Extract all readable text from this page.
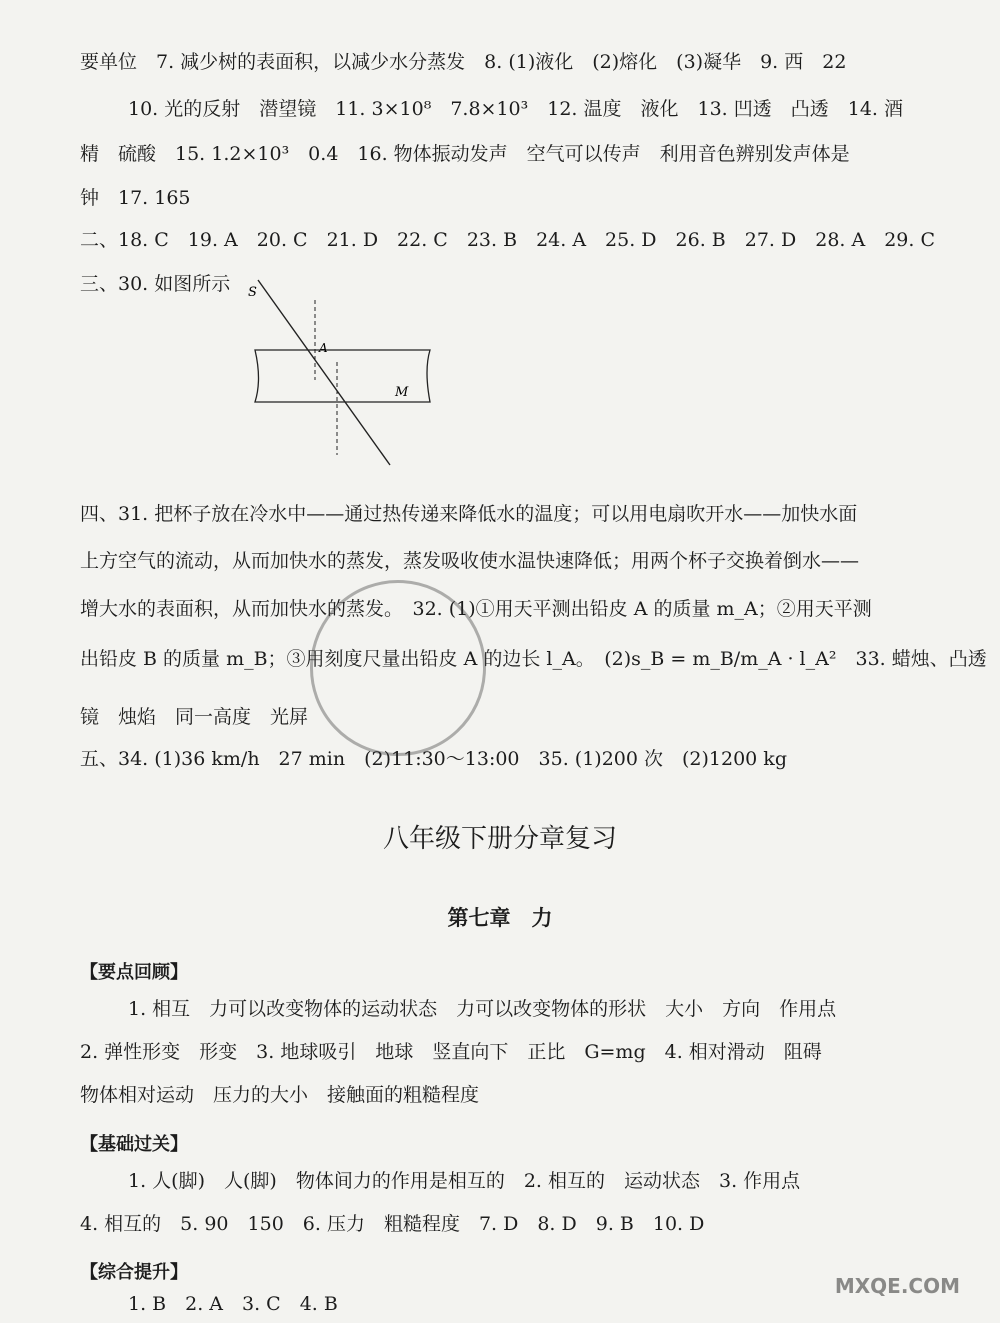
要单位　7. 减少树的表面积，以减少水分蒸发　8. (1)液化　(2)熔化　(3)凝华　9. 西　22
10. 光的反射　潜望镜　11. 3×10⁸　7.8×10³　12. 温度　液化　13. 凹透　凸透　14. 酒
精　硫酸　15. 1.2×10³　0.4　16. 物体振动发声　空气可以传声　利用音色辨别发声体是
钟　17. 165
二、18. C　19. A　20. C　21. D　22. C　23. B　24. A　25. D　26. B　27. D　28. A　29. C
三、30. 如图所示	S
A
M
四、31. 把杯子放在冷水中——通过热传递来降低水的温度；可以用电扇吹开水——加快水面
上方空气的流动，从而加快水的蒸发，蒸发吸收使水温快速降低；用两个杯子交换着倒水——
增大水的表面积，从而加快水的蒸发。　32. (1)①用天平测出铅皮 A 的质量 m_A；②用天平测
出铅皮 B 的质量 m_B；③用刻度尺量出铅皮 A 的边长 l_A。　(2)s_B = m_B/m_A · l_A²　33. 蜡烛、凸透
镜　烛焰　同一高度　光屏
五、34. (1)36 km/h　27 min　(2)11:30～13:00　35. (1)200 次　(2)1200 kg
八年级下册分章复习
第七章　力
【要点回顾】
1. 相互　力可以改变物体的运动状态　力可以改变物体的形状　大小　方向　作用点
2. 弹性形变　形变　3. 地球吸引　地球　竖直向下　正比　G=mg　4. 相对滑动　阻碍
物体相对运动　压力的大小　接触面的粗糙程度
【基础过关】
1. 人(脚)　人(脚)　物体间力的作用是相互的　2. 相互的　运动状态　3. 作用点
4. 相互的　5. 90　150　6. 压力　粗糙程度　7. D　8. D　9. B　10. D
【综合提升】
1. B　2. A　3. C　4. B
MXQE.COM
